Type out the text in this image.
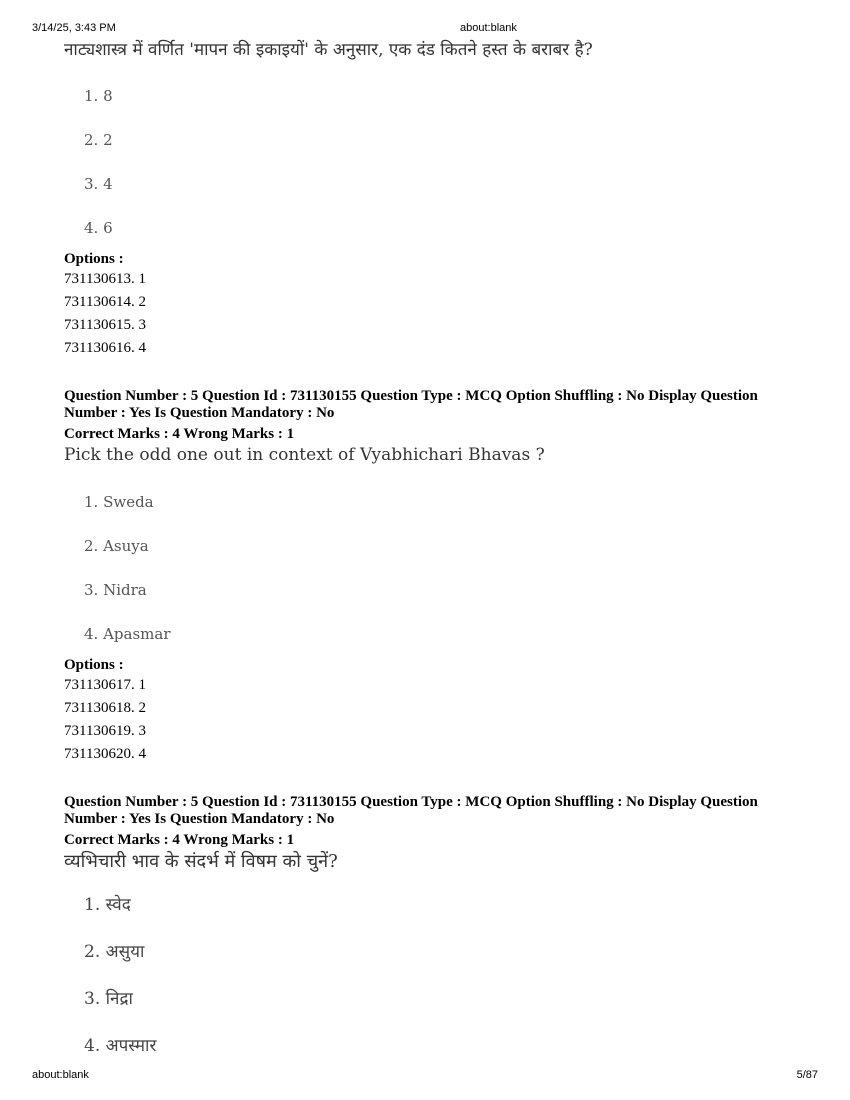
3/14/25, 3:43 PM	about:blank

नाट्यशास्त्र में वर्णित 'मापन की इकाइयों' के अनुसार, एक दंड कितने हस्त के बराबर है?

1. 8
2. 2
3. 4
4. 6

Options :

731130613. 1

731130614. 2

731130615. 3

731130616. 4

Question Number : 5 Question Id : 731130155 Question Type : MCQ Option Shuffling : No Display Question

Number : Yes Is Question Mandatory : No

Correct Marks : 4 Wrong Marks : 1

Pick the odd one out in context of Vyabhichari Bhavas ?

1. Sweda
2. Asuya
3. Nidra
4. Apasmar

Options :

731130617. 1

731130618. 2

731130619. 3

731130620. 4

Question Number : 5 Question Id : 731130155 Question Type : MCQ Option Shuffling : No Display Question

Number : Yes Is Question Mandatory : No

Correct Marks : 4 Wrong Marks : 1

व्यभिचारी भाव के संदर्भ में विषम को चुनें?

1. स्वेद
2. असुया
3. निद्रा
4. अपस्मार
about:blank	5/87
